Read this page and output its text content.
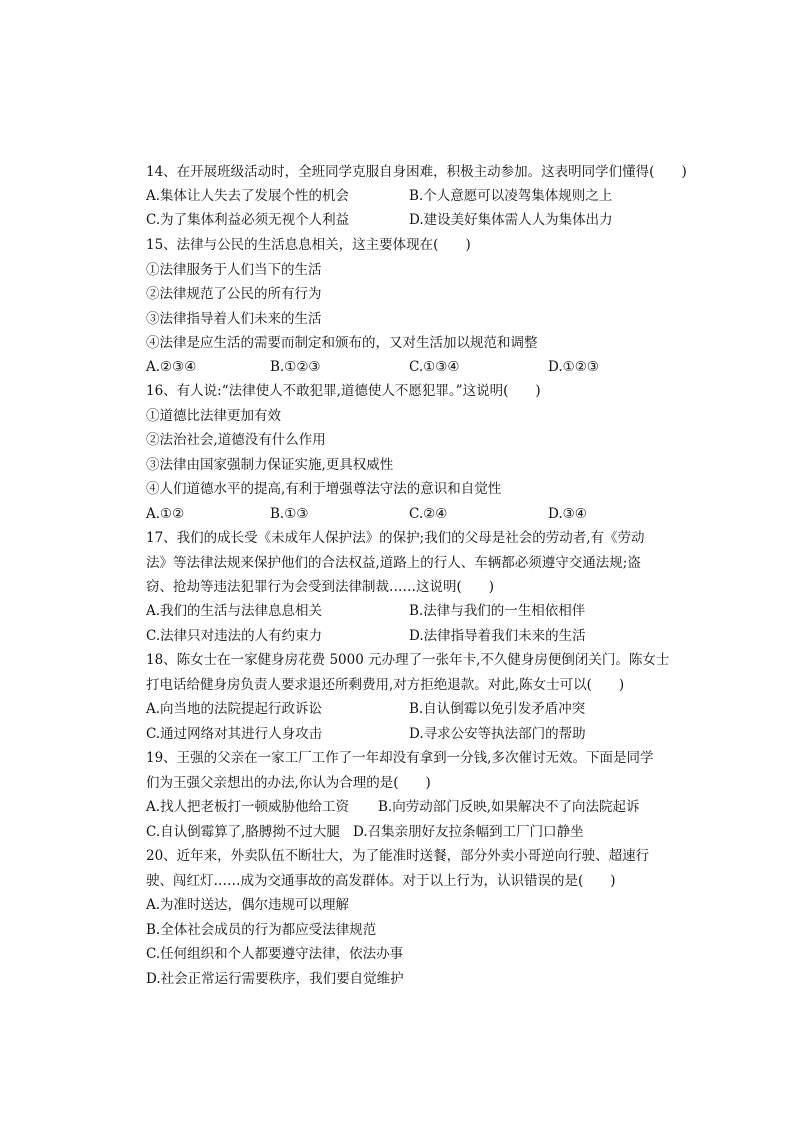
14、在开展班级活动时，全班同学克服自身困难，积极主动参加。这表明同学们懂得(　　)
A.集体让人失去了发展个性的机会	B.个人意愿可以凌驾集体规则之上
C.为了集体利益必须无视个人利益	D.建设美好集体需人人为集体出力
15、法律与公民的生活息息相关，这主要体现在(　　)
①法律服务于人们当下的生活
②法律规范了公民的所有行为
③法律指导着人们未来的生活
④法律是应生活的需要而制定和颁布的，又对生活加以规范和调整
A.②③④	B.①②③	C.①③④	D.①②③
16、有人说:“法律使人不敢犯罪,道德使人不愿犯罪。”这说明(　　)
①道德比法律更加有效
②法治社会,道德没有什么作用
③法律由国家强制力保证实施,更具权威性
④人们道德水平的提高,有利于增强尊法守法的意识和自觉性
A.①②	B.①③	C.②④	D.③④
17、我们的成长受《未成年人保护法》的保护;我们的父母是社会的劳动者,有《劳动
法》等法律法规来保护他们的合法权益,道路上的行人、车辆都必须遵守交通法规;盗
窃、抢劫等违法犯罪行为会受到法律制裁……这说明(　　)
A.我们的生活与法律息息相关	B.法律与我们的一生相依相伴
C.法律只对违法的人有约束力	D.法律指导着我们未来的生活
18、陈女士在一家健身房花费 5000 元办理了一张年卡,不久健身房便倒闭关门。陈女士
打电话给健身房负责人要求退还所剩费用,对方拒绝退款。对此,陈女士可以(　　)
A.向当地的法院提起行政诉讼	B.自认倒霉以免引发矛盾冲突
C.通过网络对其进行人身攻击	D.寻求公安等执法部门的帮助
19、王强的父亲在一家工厂工作了一年却没有拿到一分钱,多次催讨无效。下面是同学
们为王强父亲想出的办法,你认为合理的是(　　)
A.找人把老板打一顿威胁他给工资 B.向劳动部门反映,如果解决不了向法院起诉
C.自认倒霉算了,胳膊拗不过大腿 D.召集亲朋好友拉条幅到工厂门口静坐
20、近年来，外卖队伍不断壮大，为了能准时送餐，部分外卖小哥逆向行驶、超速行
驶、闯红灯……成为交通事故的高发群体。对于以上行为，认识错误的是(　　)
A.为准时送达，偶尔违规可以理解
B.全体社会成员的行为都应受法律规范
C.任何组织和个人都要遵守法律，依法办事
D.社会正常运行需要秩序，我们要自觉维护
